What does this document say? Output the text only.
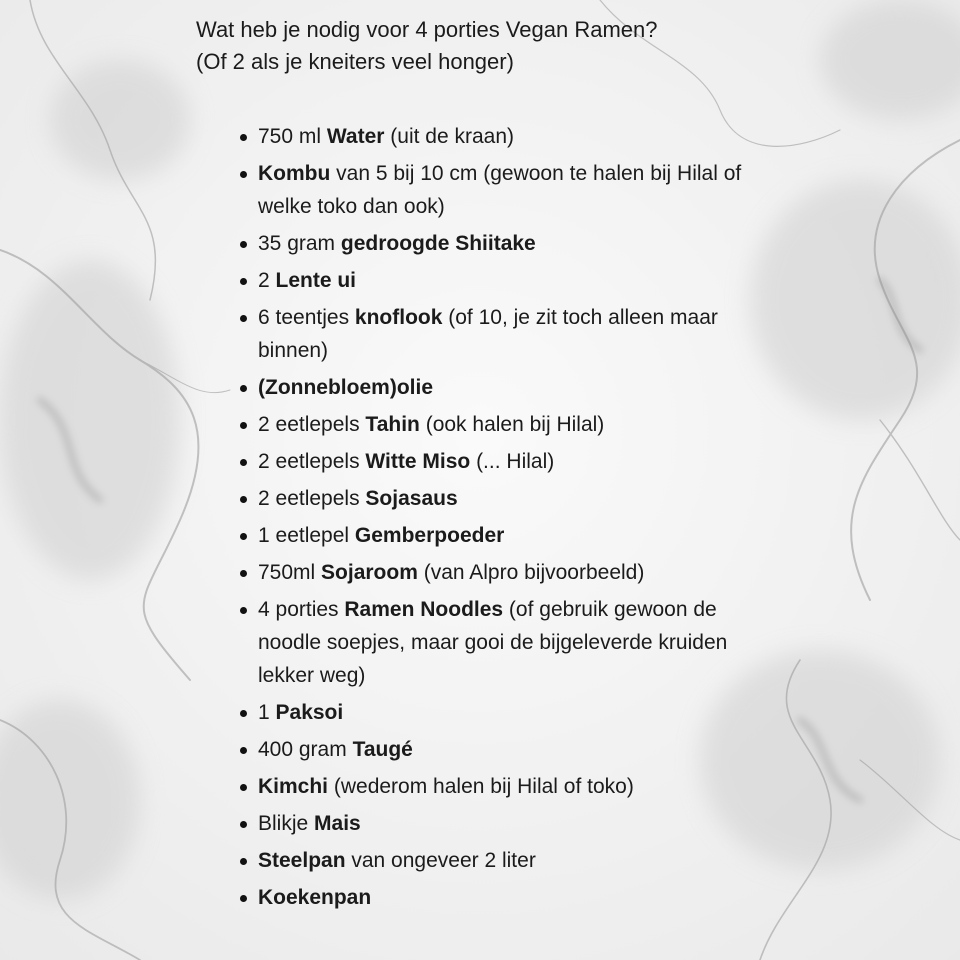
Wat heb je nodig voor 4 porties Vegan Ramen?

(Of 2 als je kneiters veel honger)

750 ml Water (uit de kraan)
Kombu van 5 bij 10 cm (gewoon te halen bij Hilal of welke toko dan ook)
35 gram gedroogde Shiitake
2 Lente ui
6 teentjes knoflook (of 10, je zit toch alleen maar binnen)
(Zonnebloem)olie
2 eetlepels Tahin (ook halen bij Hilal)
2 eetlepels Witte Miso (... Hilal)
2 eetlepels Sojasaus
1 eetlepel Gemberpoeder
750ml Sojaroom (van Alpro bijvoorbeeld)
4 porties Ramen Noodles (of gebruik gewoon de noodle soepjes, maar gooi de bijgeleverde kruiden lekker weg)
1 Paksoi
400 gram Taugé
Kimchi (wederom halen bij Hilal of toko)
Blikje Mais
Steelpan van ongeveer 2 liter
Koekenpan
